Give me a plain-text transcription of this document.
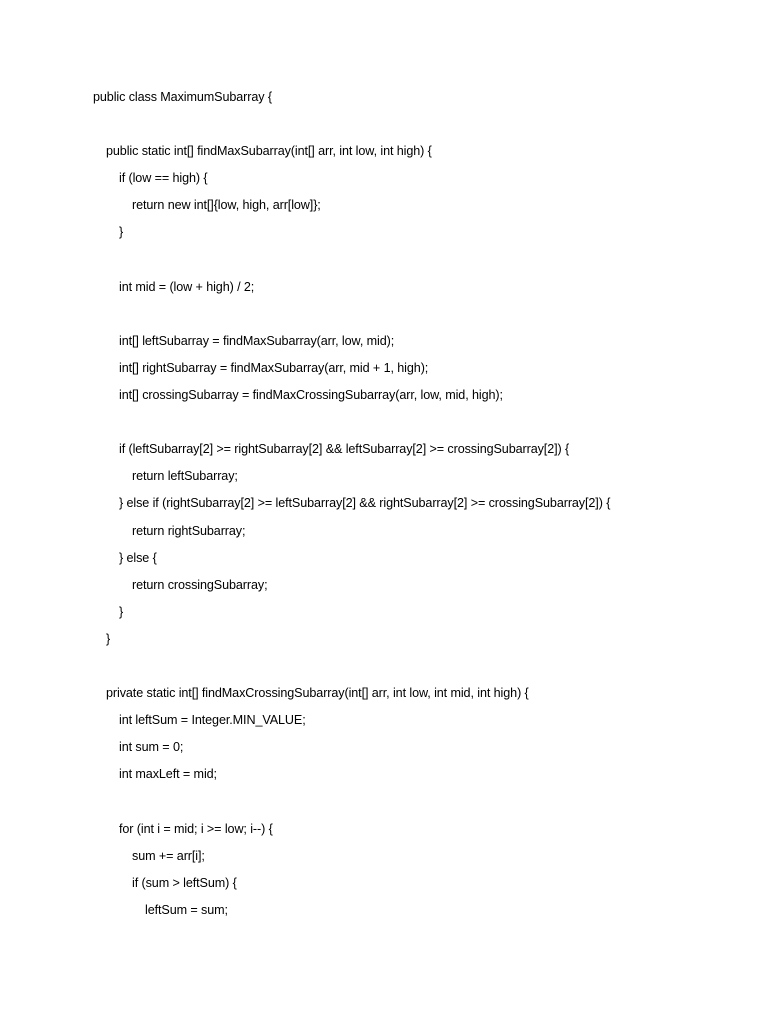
public class MaximumSubarray {
public static int[] findMaxSubarray(int[] arr, int low, int high) {
if (low == high) {
return new int[]{low, high, arr[low]};
}
int mid = (low + high) / 2;
int[] leftSubarray = findMaxSubarray(arr, low, mid);
int[] rightSubarray = findMaxSubarray(arr, mid + 1, high);
int[] crossingSubarray = findMaxCrossingSubarray(arr, low, mid, high);
if (leftSubarray[2] >= rightSubarray[2] && leftSubarray[2] >= crossingSubarray[2]) {
return leftSubarray;
} else if (rightSubarray[2] >= leftSubarray[2] && rightSubarray[2] >= crossingSubarray[2]) {
return rightSubarray;
} else {
return crossingSubarray;
}
}
private static int[] findMaxCrossingSubarray(int[] arr, int low, int mid, int high) {
int leftSum = Integer.MIN_VALUE;
int sum = 0;
int maxLeft = mid;
for (int i = mid; i >= low; i--) {
sum += arr[i];
if (sum > leftSum) {
leftSum = sum;
